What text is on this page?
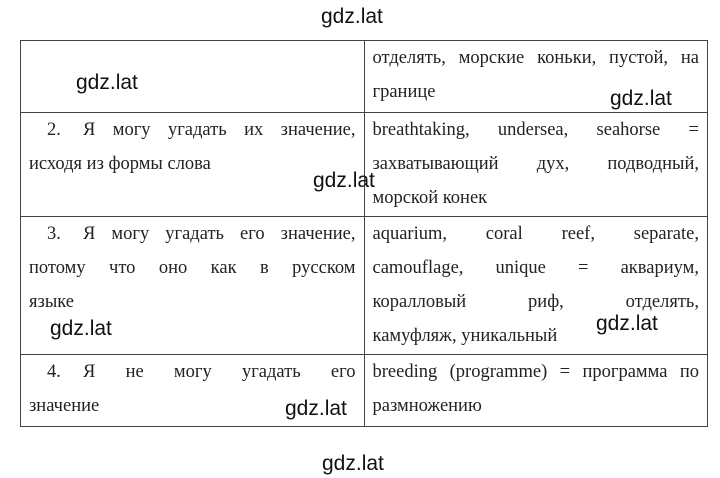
	отделять, морские коньки, пустой, на
границе

2. Я могу угадать их значение,
исходя из формы слова	breathtaking, undersea, seahorse =
захватывающий дух, подводный,
морской конек

3. Я могу угадать его значение,
потому что оно как в русском
языке	aquarium, coral reef, separate,
camouflage, unique = аквариум,
коралловый риф, отделять,
камуфляж, уникальный

4. Я не могу угадать его
значение	breeding (programme) = программа по
размножению
gdz.lat
gdz.lat
gdz.lat
gdz.lat
gdz.lat	gdz.lat
gdz.lat
gdz.lat
